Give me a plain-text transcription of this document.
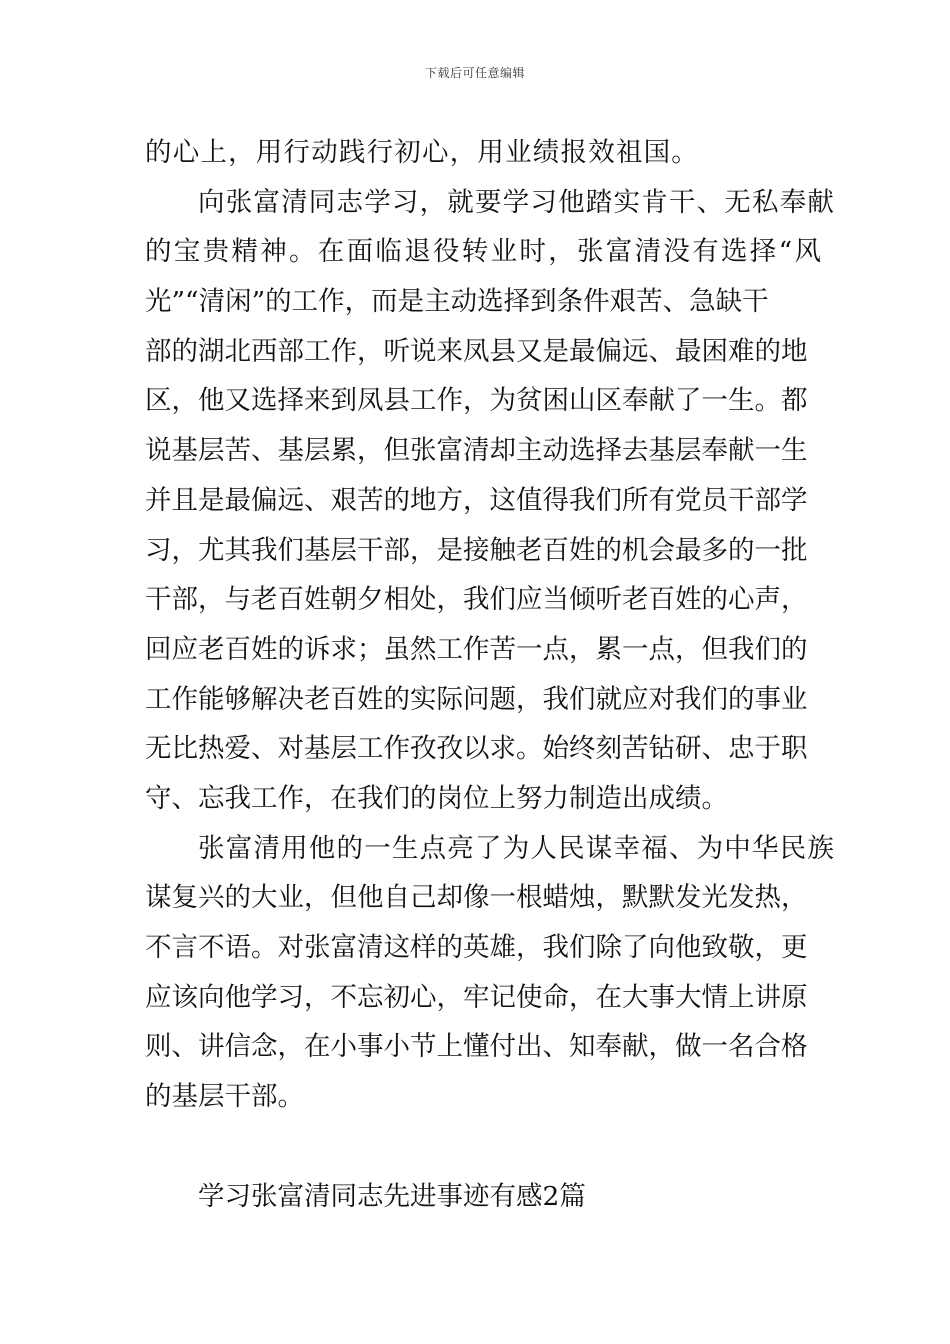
下载后可任意编辑
的心上，用行动践行初心，用业绩报效祖国。
向张富清同志学习，就要学习他踏实肯干、无私奉献
的宝贵精神。在面临退役转业时，张富清没有选择“风
光”“清闲”的工作，而是主动选择到条件艰苦、急缺干
部的湖北西部工作，听说来凤县又是最偏远、最困难的地
区，他又选择来到凤县工作，为贫困山区奉献了一生。都
说基层苦、基层累，但张富清却主动选择去基层奉献一生
并且是最偏远、艰苦的地方，这值得我们所有党员干部学
习，尤其我们基层干部，是接触老百姓的机会最多的一批
干部，与老百姓朝夕相处，我们应当倾听老百姓的心声，
回应老百姓的诉求；虽然工作苦一点，累一点，但我们的
工作能够解决老百姓的实际问题，我们就应对我们的事业
无比热爱、对基层工作孜孜以求。始终刻苦钻研、忠于职
守、忘我工作，在我们的岗位上努力制造出成绩。
张富清用他的一生点亮了为人民谋幸福、为中华民族
谋复兴的大业，但他自己却像一根蜡烛，默默发光发热，
不言不语。对张富清这样的英雄，我们除了向他致敬，更
应该向他学习，不忘初心，牢记使命，在大事大情上讲原
则、讲信念，在小事小节上懂付出、知奉献，做一名合格
的基层干部。
学习张富清同志先进事迹有感2篇
